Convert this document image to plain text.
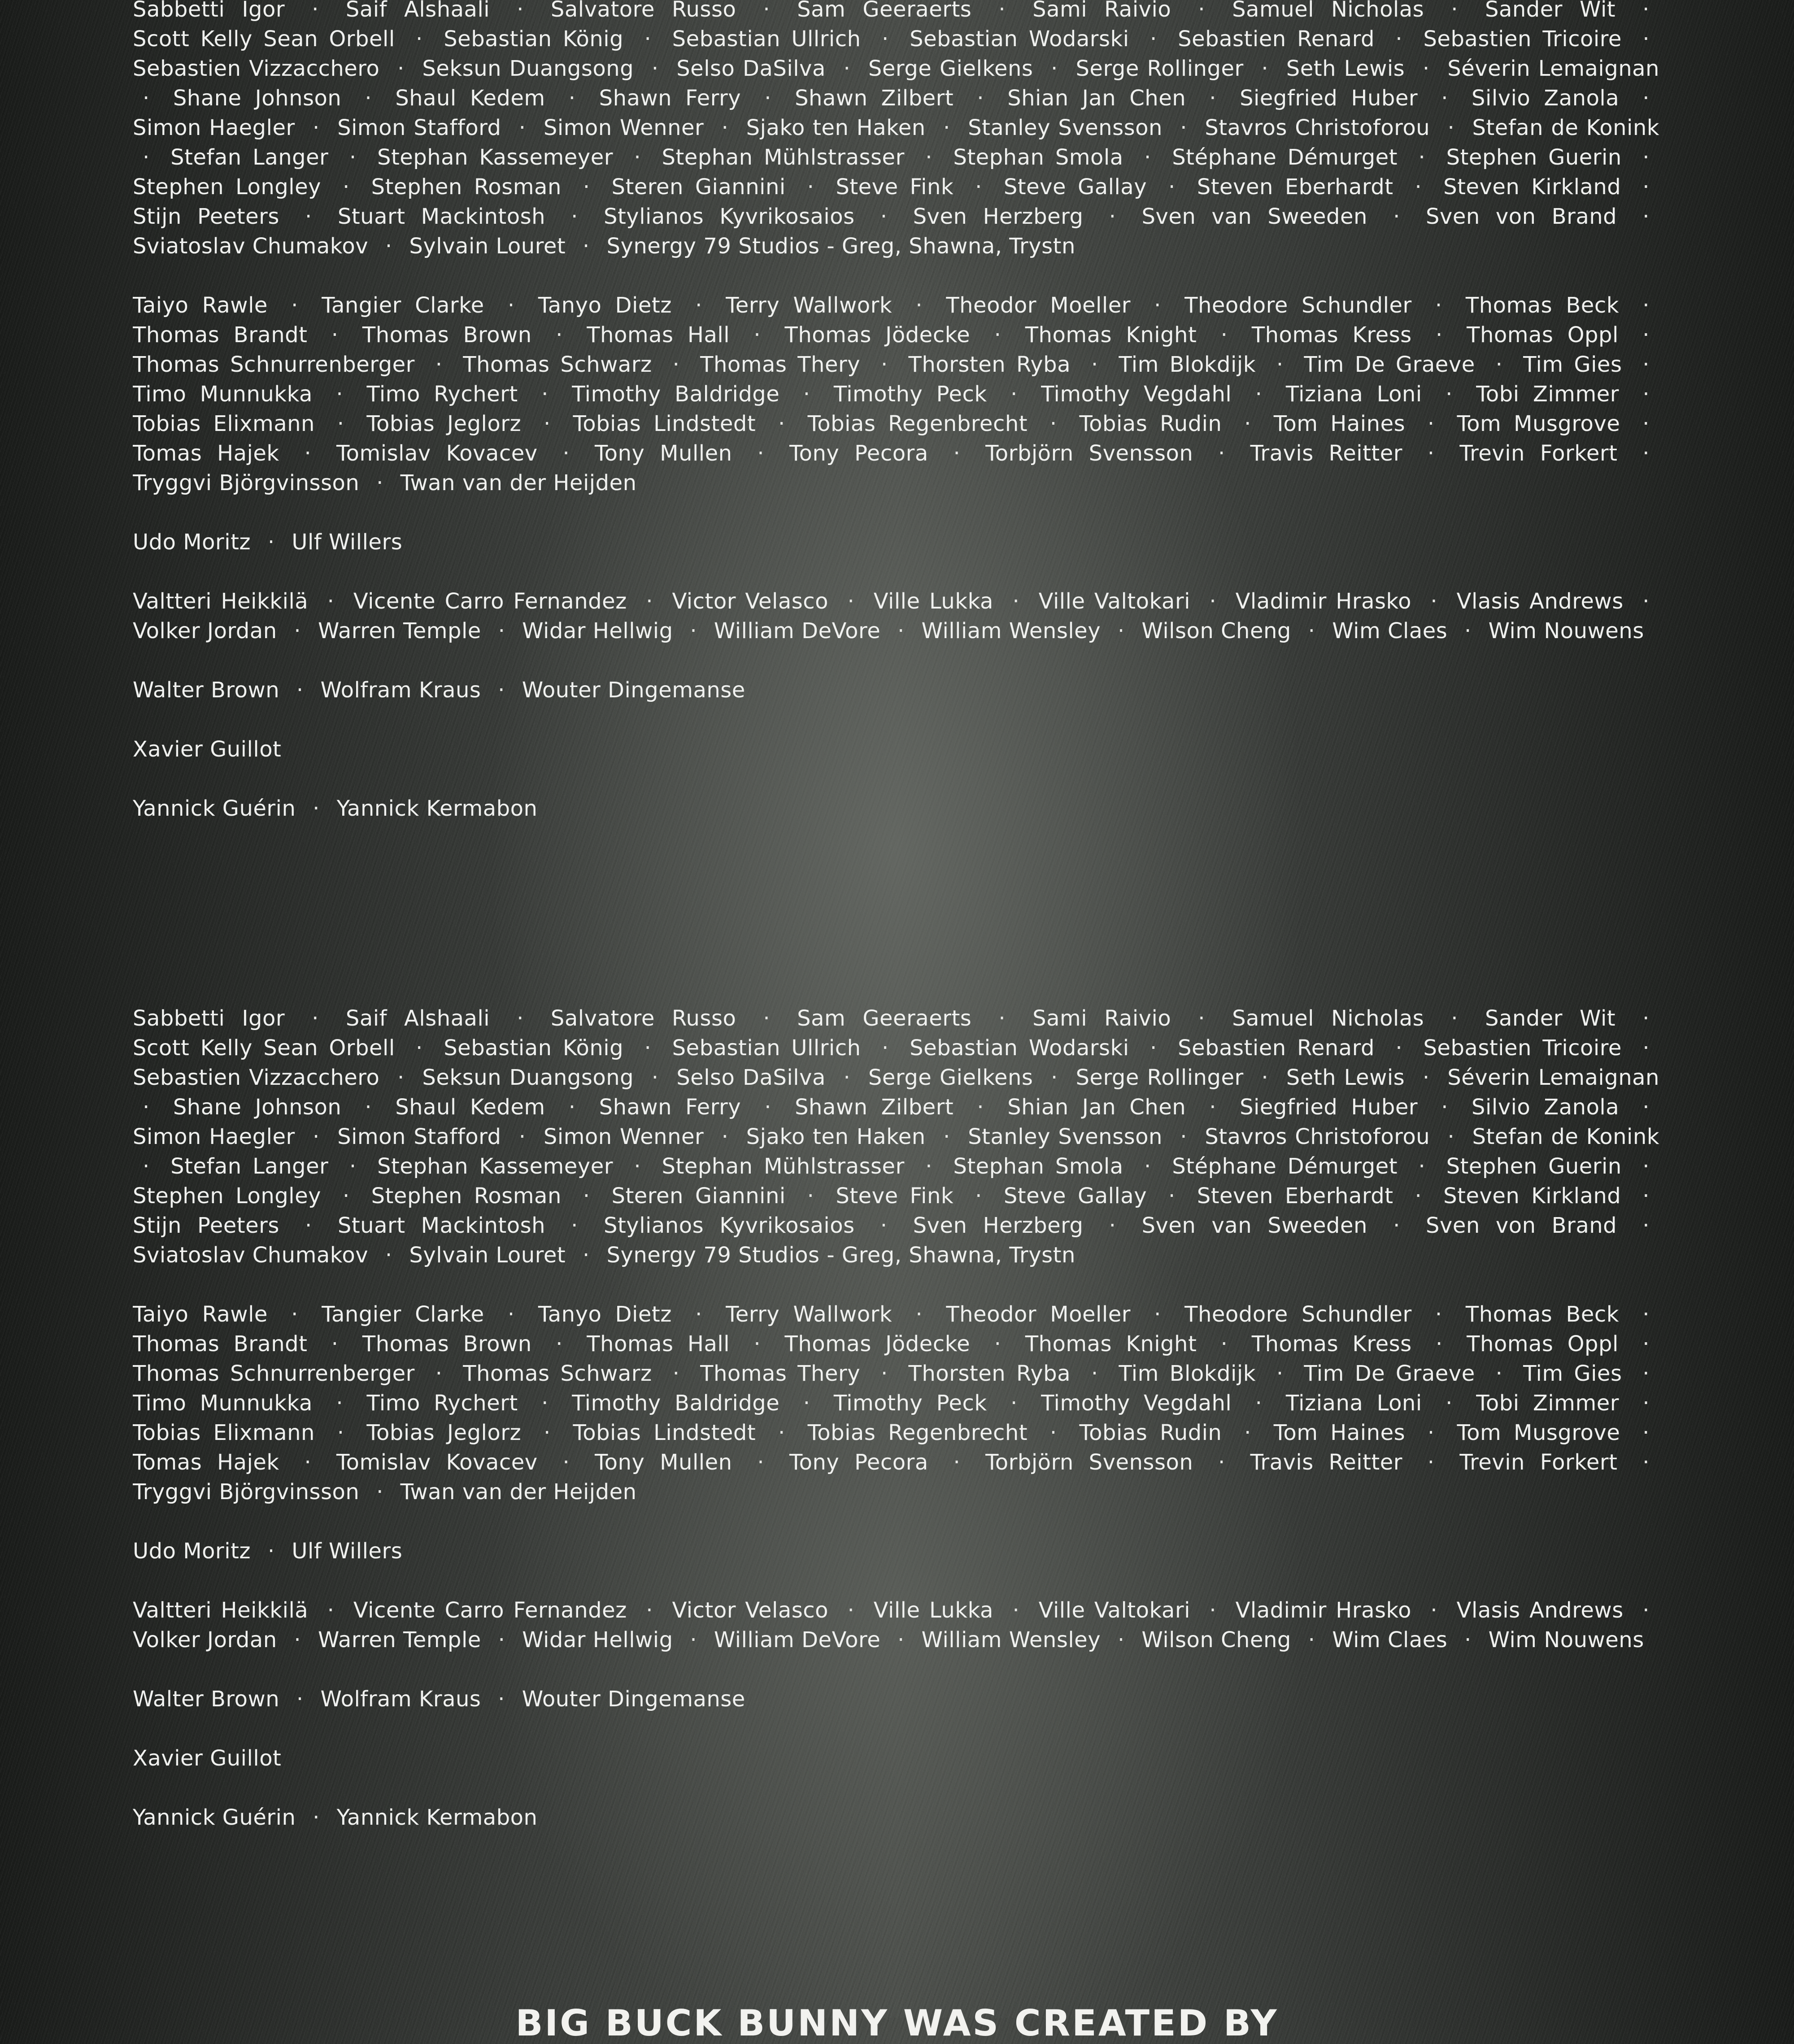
Sabbetti Igor · Saif Alshaali · Salvatore Russo · Sam Geeraerts · Sami Raivio · Samuel Nicholas · Sander Wit · Scott Kelly Sean Orbell · Sebastian König · Sebastian Ullrich · Sebastian Wodarski · Sebastien Renard · Sebastien Tricoire · Sebastien Vizzacchero · Seksun Duangsong · Selso DaSilva · Serge Gielkens · Serge Rollinger · Seth Lewis · Séverin Lemaignan · Shane Johnson · Shaul Kedem · Shawn Ferry · Shawn Zilbert · Shian Jan Chen · Siegfried Huber · Silvio Zanola · Simon Haegler · Simon Stafford · Simon Wenner · Sjako ten Haken · Stanley Svensson · Stavros Christoforou · Stefan de Konink · Stefan Langer · Stephan Kassemeyer · Stephan Mühlstrasser · Stephan Smola · Stéphane Démurget · Stephen Guerin · Stephen Longley · Stephen Rosman · Steren Giannini · Steve Fink · Steve Gallay · Steven Eberhardt · Steven Kirkland · Stijn Peeters · Stuart Mackintosh · Stylianos Kyvrikosaios · Sven Herzberg · Sven van Sweeden · Sven von Brand · Sviatoslav Chumakov · Sylvain Louret · Synergy 79 Studios - Greg, Shawna, Trystn

Taiyo Rawle · Tangier Clarke · Tanyo Dietz · Terry Wallwork · Theodor Moeller · Theodore Schundler · Thomas Beck · Thomas Brandt · Thomas Brown · Thomas Hall · Thomas Jödecke · Thomas Knight · Thomas Kress · Thomas Oppl · Thomas Schnurrenberger · Thomas Schwarz · Thomas Thery · Thorsten Ryba · Tim Blokdijk · Tim De Graeve · Tim Gies · Timo Munnukka · Timo Rychert · Timothy Baldridge · Timothy Peck · Timothy Vegdahl · Tiziana Loni · Tobi Zimmer · Tobias Elixmann · Tobias Jeglorz · Tobias Lindstedt · Tobias Regenbrecht · Tobias Rudin · Tom Haines · Tom Musgrove · Tomas Hajek · Tomislav Kovacev · Tony Mullen · Tony Pecora · Torbjörn Svensson · Travis Reitter · Trevin Forkert · Tryggvi Björgvinsson · Twan van der Heijden

Udo Moritz · Ulf Willers

Valtteri Heikkilä · Vicente Carro Fernandez · Victor Velasco · Ville Lukka · Ville Valtokari · Vladimir Hrasko · Vlasis Andrews · Volker Jordan · Warren Temple · Widar Hellwig · William DeVore · William Wensley · Wilson Cheng · Wim Claes · Wim Nouwens

Walter Brown · Wolfram Kraus · Wouter Dingemanse

Xavier Guillot

Yannick Guérin · Yannick Kermabon

Sabbetti Igor · Saif Alshaali · Salvatore Russo · Sam Geeraerts · Sami Raivio · Samuel Nicholas · Sander Wit · Scott Kelly Sean Orbell · Sebastian König · Sebastian Ullrich · Sebastian Wodarski · Sebastien Renard · Sebastien Tricoire · Sebastien Vizzacchero · Seksun Duangsong · Selso DaSilva · Serge Gielkens · Serge Rollinger · Seth Lewis · Séverin Lemaignan · Shane Johnson · Shaul Kedem · Shawn Ferry · Shawn Zilbert · Shian Jan Chen · Siegfried Huber · Silvio Zanola · Simon Haegler · Simon Stafford · Simon Wenner · Sjako ten Haken · Stanley Svensson · Stavros Christoforou · Stefan de Konink · Stefan Langer · Stephan Kassemeyer · Stephan Mühlstrasser · Stephan Smola · Stéphane Démurget · Stephen Guerin · Stephen Longley · Stephen Rosman · Steren Giannini · Steve Fink · Steve Gallay · Steven Eberhardt · Steven Kirkland · Stijn Peeters · Stuart Mackintosh · Stylianos Kyvrikosaios · Sven Herzberg · Sven van Sweeden · Sven von Brand · Sviatoslav Chumakov · Sylvain Louret · Synergy 79 Studios - Greg, Shawna, Trystn

Taiyo Rawle · Tangier Clarke · Tanyo Dietz · Terry Wallwork · Theodor Moeller · Theodore Schundler · Thomas Beck · Thomas Brandt · Thomas Brown · Thomas Hall · Thomas Jödecke · Thomas Knight · Thomas Kress · Thomas Oppl · Thomas Schnurrenberger · Thomas Schwarz · Thomas Thery · Thorsten Ryba · Tim Blokdijk · Tim De Graeve · Tim Gies · Timo Munnukka · Timo Rychert · Timothy Baldridge · Timothy Peck · Timothy Vegdahl · Tiziana Loni · Tobi Zimmer · Tobias Elixmann · Tobias Jeglorz · Tobias Lindstedt · Tobias Regenbrecht · Tobias Rudin · Tom Haines · Tom Musgrove · Tomas Hajek · Tomislav Kovacev · Tony Mullen · Tony Pecora · Torbjörn Svensson · Travis Reitter · Trevin Forkert · Tryggvi Björgvinsson · Twan van der Heijden

Udo Moritz · Ulf Willers

Valtteri Heikkilä · Vicente Carro Fernandez · Victor Velasco · Ville Lukka · Ville Valtokari · Vladimir Hrasko · Vlasis Andrews · Volker Jordan · Warren Temple · Widar Hellwig · William DeVore · William Wensley · Wilson Cheng · Wim Claes · Wim Nouwens

Walter Brown · Wolfram Kraus · Wouter Dingemanse

Xavier Guillot

Yannick Guérin · Yannick Kermabon

BIG BUCK BUNNY WAS CREATED BY
